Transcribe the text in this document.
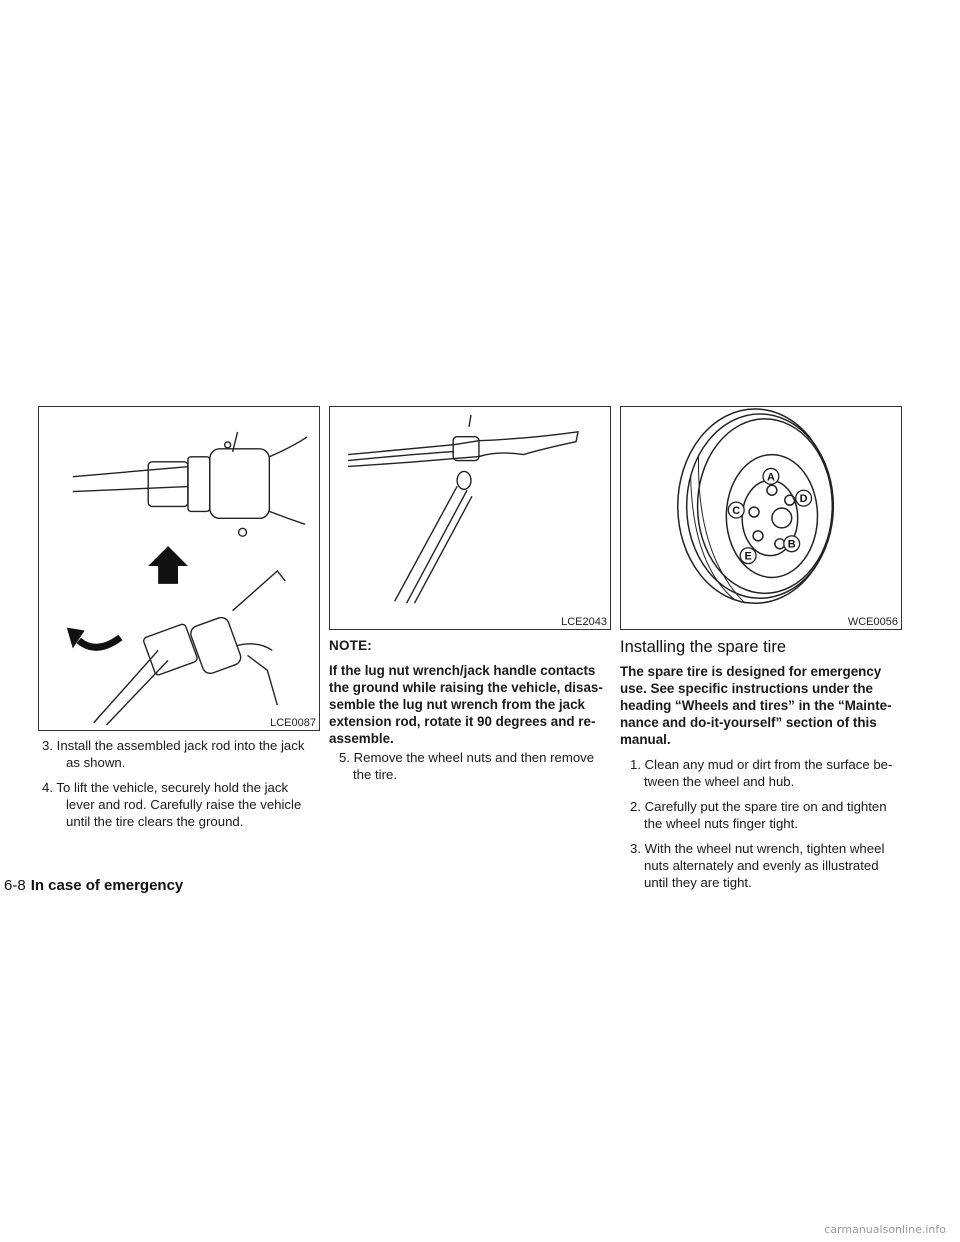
LCE0087
3. Install the assembled jack rod into the jack as shown.
4. To lift the vehicle, securely hold the jack lever and rod. Carefully raise the vehicle until the tire clears the ground.
LCE2043
NOTE:
If the lug nut wrench/jack handle contacts the ground while raising the vehicle, disas-semble the lug nut wrench from the jack extension rod, rotate it 90 degrees and re-assemble.
5. Remove the wheel nuts and then remove the tire.
A
B
C
D
E
WCE0056
Installing the spare tire
The spare tire is designed for emergency use. See specific instructions under the heading “Wheels and tires” in the “Mainte-nance and do-it-yourself” section of this manual.
1. Clean any mud or dirt from the surface be-tween the wheel and hub.
2. Carefully put the spare tire on and tighten the wheel nuts finger tight.
3. With the wheel nut wrench, tighten wheel nuts alternately and evenly as illustrated until they are tight.
6-8 In case of emergency
carmanualsonline.info
